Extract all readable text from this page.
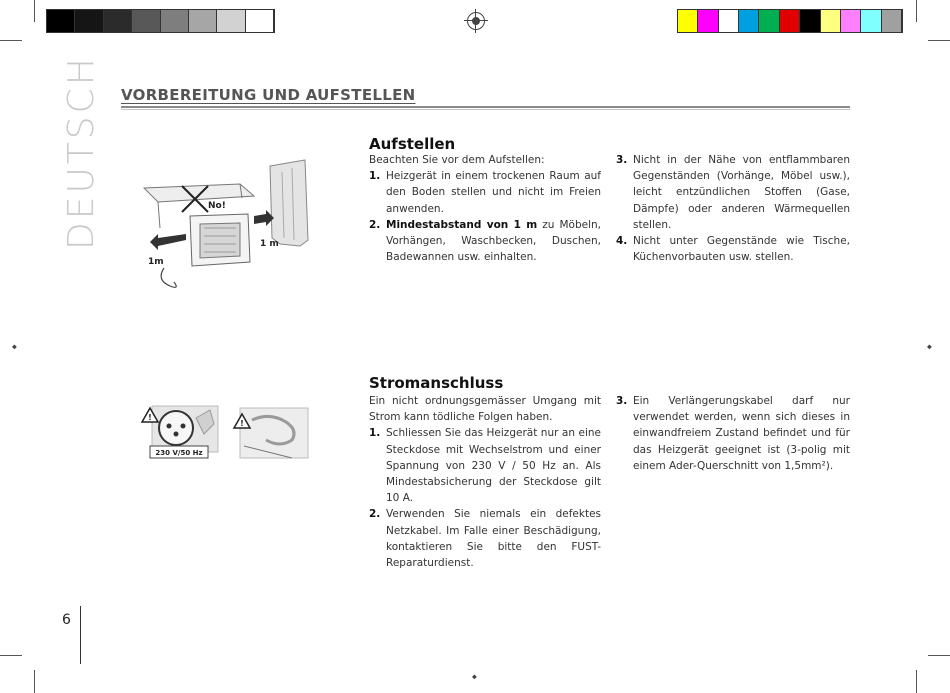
◆	◆
◆
DEUTSCH VORBEREITUNG UND AUFSTELLEN
No!
1m
1 m
Aufstellen

Beachten Sie vor dem Aufstellen:

1. Heizgerät in einem trockenen Raum auf den Boden stellen und nicht im Freien anwenden.
2. Mindestabstand von 1 m zu Möbeln, Vorhängen, Waschbecken, Duschen, Badewannen usw. einhalten.
3. Nicht in der Nähe von entflammbaren Gegenständen (Vorhänge, Möbel usw.), leicht entzündlichen Stoffen (Gase, Dämpfe) oder anderen Wärmequellen stellen.
4. Nicht unter Gegenstände wie Tische, Küchenvorbauten usw. stellen.
!
230 V/50 Hz
!
Stromanschluss

Ein nicht ordnungsgemässer Umgang mit Strom kann tödliche Folgen haben.

1. Schliessen Sie das Heizgerät nur an eine Steckdose mit Wechselstrom und einer Spannung von 230 V / 50 Hz an. Als Mindestabsicherung der Steckdose gilt 10 A.
2. Verwenden Sie niemals ein defektes Netzkabel. Im Falle einer Beschädigung, kontaktieren Sie bitte den FUST-Reparaturdienst.
3. Ein Verlängerungskabel darf nur verwendet werden, wenn sich dieses in einwandfreiem Zustand befindet und für das Heizgerät geeignet ist (3-polig mit einem Ader-Querschnitt von 1,5mm²).
6
